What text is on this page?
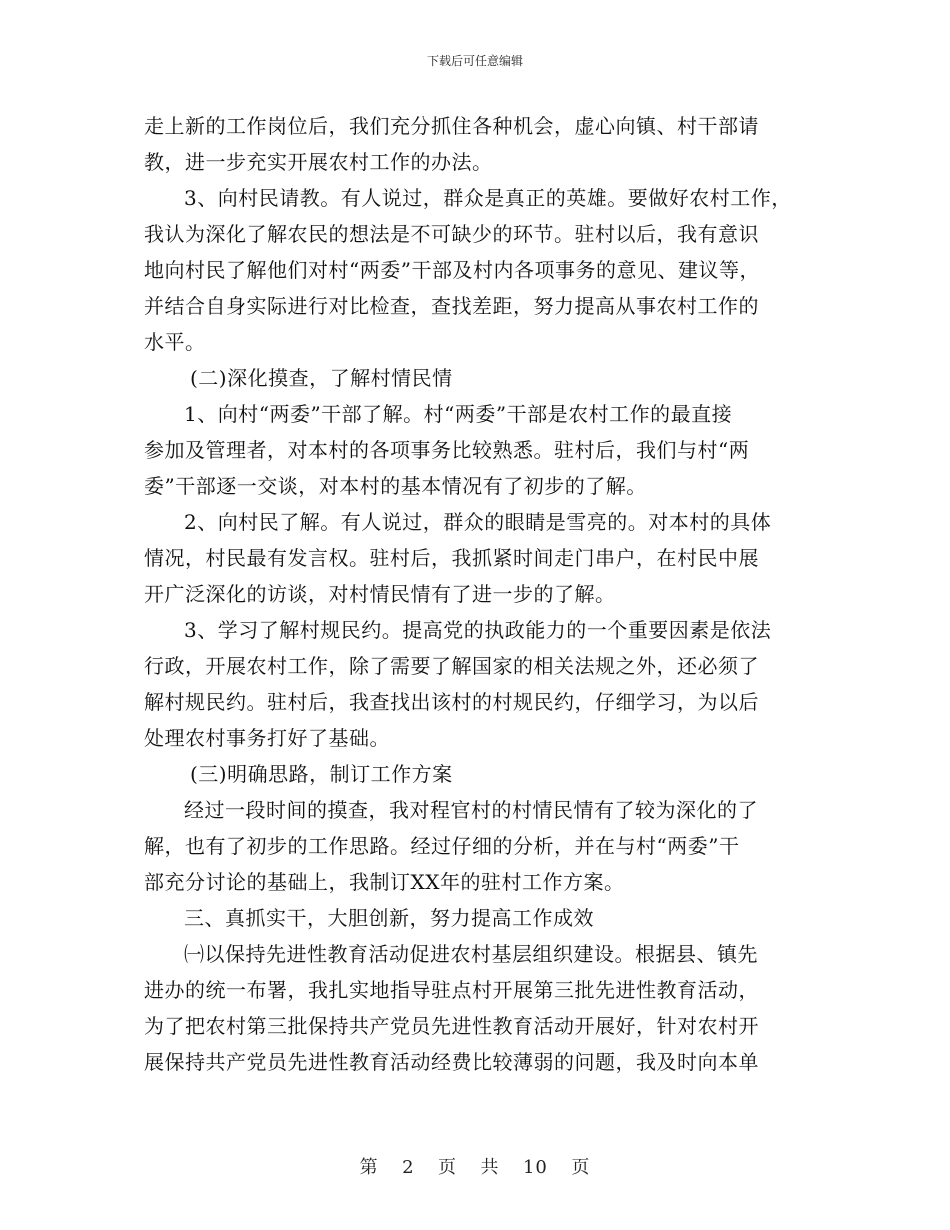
下载后可任意编辑
走上新的工作岗位后，我们充分抓住各种机会，虚心向镇、村干部请
教，进一步充实开展农村工作的办法。
3、向村民请教。有人说过，群众是真正的英雄。要做好农村工作，
我认为深化了解农民的想法是不可缺少的环节。驻村以后，我有意识
地向村民了解他们对村“两委”干部及村内各项事务的意见、建议等，
并结合自身实际进行对比检查，查找差距，努力提高从事农村工作的
水平。
(二)深化摸查，了解村情民情
1、向村“两委”干部了解。村“两委”干部是农村工作的最直接
参加及管理者，对本村的各项事务比较熟悉。驻村后，我们与村“两
委”干部逐一交谈，对本村的基本情况有了初步的了解。
2、向村民了解。有人说过，群众的眼睛是雪亮的。对本村的具体
情况，村民最有发言权。驻村后，我抓紧时间走门串户，在村民中展
开广泛深化的访谈，对村情民情有了进一步的了解。
3、学习了解村规民约。提高党的执政能力的一个重要因素是依法
行政，开展农村工作，除了需要了解国家的相关法规之外，还必须了
解村规民约。驻村后，我查找出该村的村规民约，仔细学习，为以后
处理农村事务打好了基础。
(三)明确思路，制订工作方案
经过一段时间的摸查，我对程官村的村情民情有了较为深化的了
解，也有了初步的工作思路。经过仔细的分析，并在与村“两委”干
部充分讨论的基础上，我制订XX年的驻村工作方案。
三、真抓实干，大胆创新，努力提高工作成效
㈠以保持先进性教育活动促进农村基层组织建设。根据县、镇先
进办的统一布署，我扎实地指导驻点村开展第三批先进性教育活动，
为了把农村第三批保持共产党员先进性教育活动开展好，针对农村开
展保持共产党员先进性教育活动经费比较薄弱的问题，我及时向本单
第 2 页 共 10 页
